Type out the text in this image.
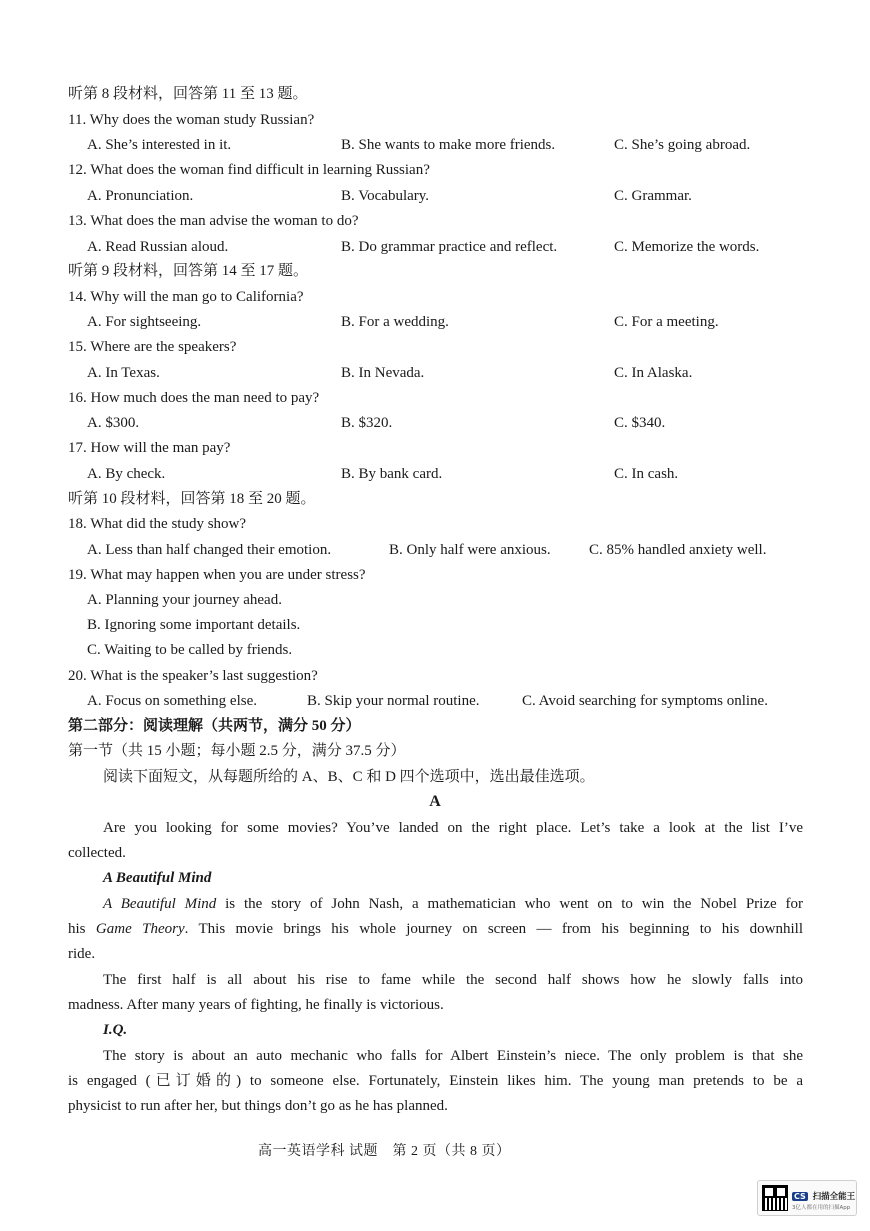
听第 8 段材料，回答第 11 至 13 题。
11. Why does the woman study Russian?
A. She’s interested in it.	B. She wants to make more friends.	C. She’s going abroad.
12. What does the woman find difficult in learning Russian?
A. Pronunciation.	B. Vocabulary.	C. Grammar.
13. What does the man advise the woman to do?
A. Read Russian aloud.	B. Do grammar practice and reflect.	C. Memorize the words.
听第 9 段材料，回答第 14 至 17 题。
14. Why will the man go to California?
A. For sightseeing.	B. For a wedding.	C. For a meeting.
15. Where are the speakers?
A. In Texas.	B. In Nevada.	C. In Alaska.
16. How much does the man need to pay?
A. $300.	B. $320.	C. $340.
17. How will the man pay?
A. By check.	B. By bank card.	C. In cash.
听第 10 段材料，回答第 18 至 20 题。
18. What did the study show?
A. Less than half changed their emotion.	B. Only half were anxious.	C. 85% handled anxiety well.
19. What may happen when you are under stress?
A. Planning your journey ahead.
B. Ignoring some important details.
C. Waiting to be called by friends.
20. What is the speaker’s last suggestion?
A. Focus on something else.	B. Skip your normal routine.	C. Avoid searching for symptoms online.
第二部分：阅读理解（共两节，满分 50 分）
第一节（共 15 小题；每小题 2.5 分，满分 37.5 分）
阅读下面短文，从每题所给的 A、B、C 和 D 四个选项中，选出最佳选项。
A
Are you looking for some movies? You’ve landed on the right place. Let’s take a look at the list I’ve
collected.
A Beautiful Mind
A Beautiful Mind is the story of John Nash, a mathematician who went on to win the Nobel Prize for
his Game Theory. This movie brings his whole journey on screen — from his beginning to his downhill
ride.
The first half is all about his rise to fame while the second half shows how he slowly falls into
madness. After many years of fighting, he finally is victorious.
I.Q.
The story is about an auto mechanic who falls for Albert Einstein’s niece. The only problem is that she
is engaged (已订婚的) to someone else. Fortunately, Einstein likes him. The young man pretends to be a
physicist to run after her, but things don’t go as he has planned.
高一英语学科 试题　第 2 页（共 8 页）
CS 扫描全能王
3亿人都在用的扫描App
